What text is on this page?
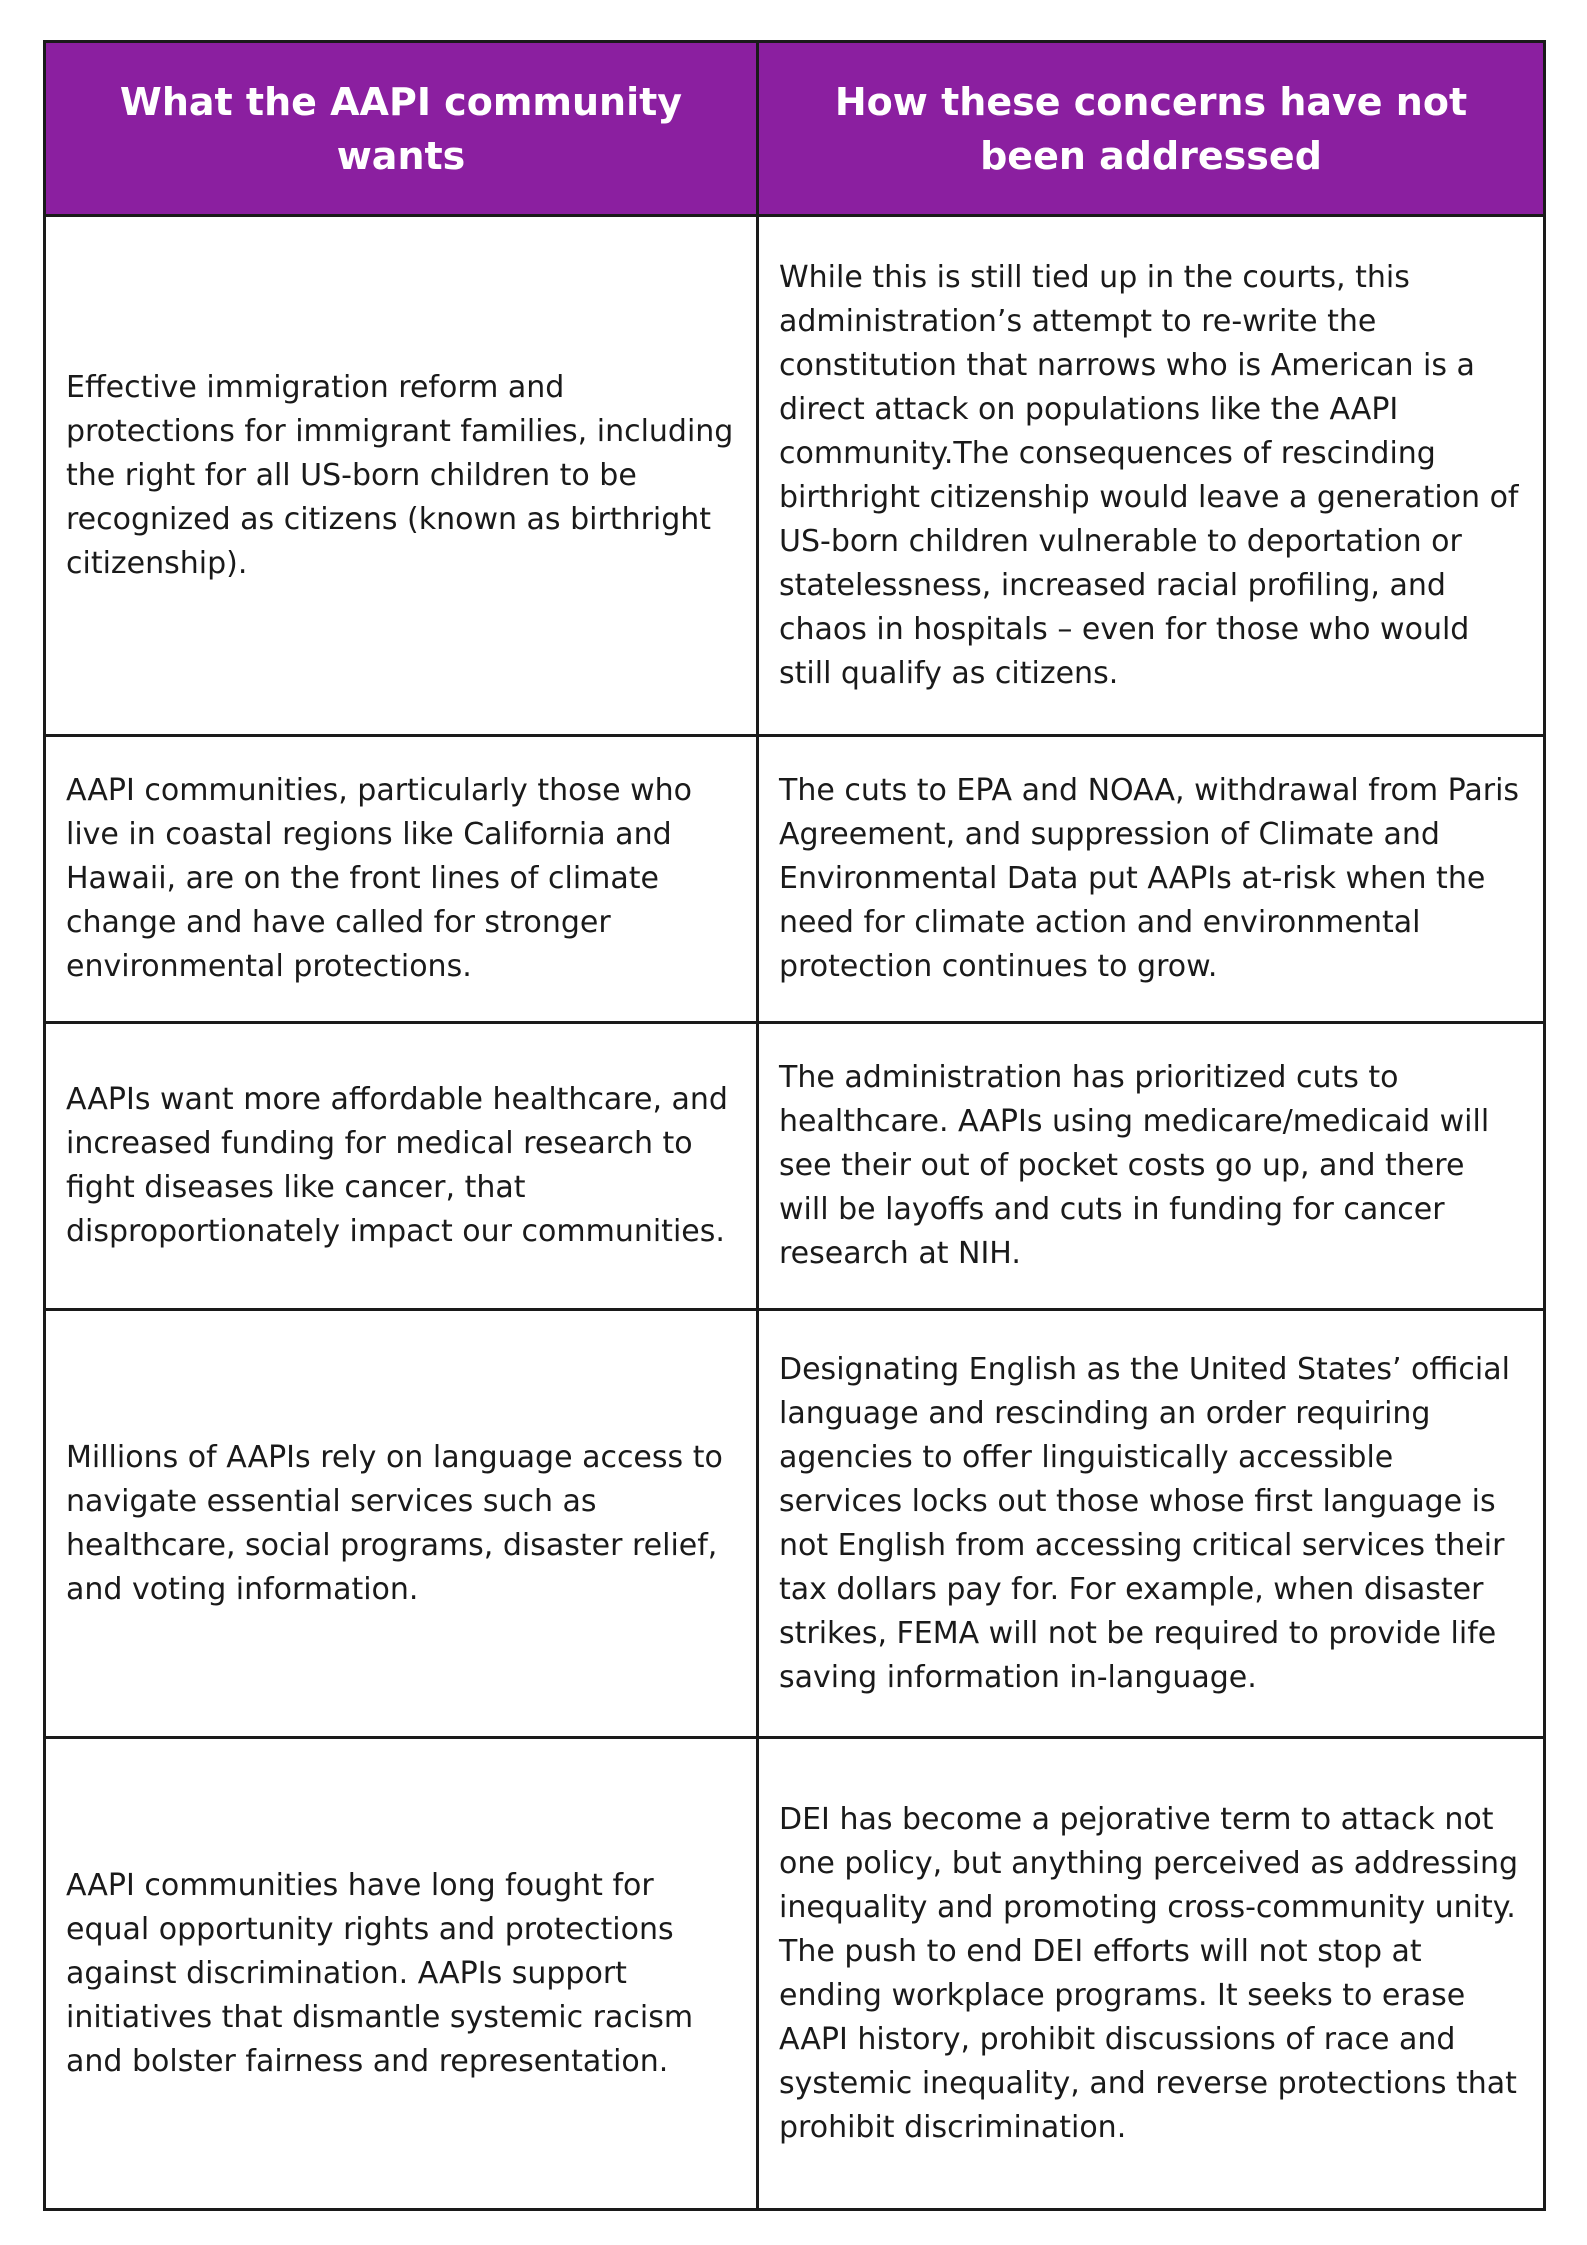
What the AAPI community wants	How these concerns have not been addressed
Effective immigration reform and protections for immigrant families, including the right for all US-born children to be recognized as citizens (known as birthright citizenship).	While this is still tied up in the courts, this administration’s attempt to re-write the constitution that narrows who is American is a direct attack on populations like the AAPI community.The consequences of rescinding birthright citizenship would leave a generation of US-born children vulnerable to deportation or statelessness, increased racial profiling, and chaos in hospitals – even for those who would still qualify as citizens.
AAPI communities, particularly those who live in coastal regions like California and Hawaii, are on the front lines of climate change and have called for stronger environmental protections.	The cuts to EPA and NOAA, withdrawal from Paris Agreement, and suppression of Climate and Environmental Data put AAPIs at-risk when the need for climate action and environmental protection continues to grow.
AAPIs want more affordable healthcare, and increased funding for medical research to fight diseases like cancer, that disproportionately impact our communities.	The administration has prioritized cuts to healthcare. AAPIs using medicare/medicaid will see their out of pocket costs go up, and there will be layoffs and cuts in funding for cancer research at NIH.
Millions of AAPIs rely on language access to navigate essential services such as healthcare, social programs, disaster relief, and voting information.	Designating English as the United States’ official language and rescinding an order requiring agencies to offer linguistically accessible services locks out those whose first language is not English from accessing critical services their tax dollars pay for. For example, when disaster strikes, FEMA will not be required to provide life saving information in-language.
AAPI communities have long fought for equal opportunity rights and protections against discrimination. AAPIs support initiatives that dismantle systemic racism and bolster fairness and representation.	DEI has become a pejorative term to attack not one policy, but anything perceived as addressing inequality and promoting cross-community unity. The push to end DEI efforts will not stop at ending workplace programs. It seeks to erase AAPI history, prohibit discussions of race and systemic inequality, and reverse protections that prohibit discrimination.
